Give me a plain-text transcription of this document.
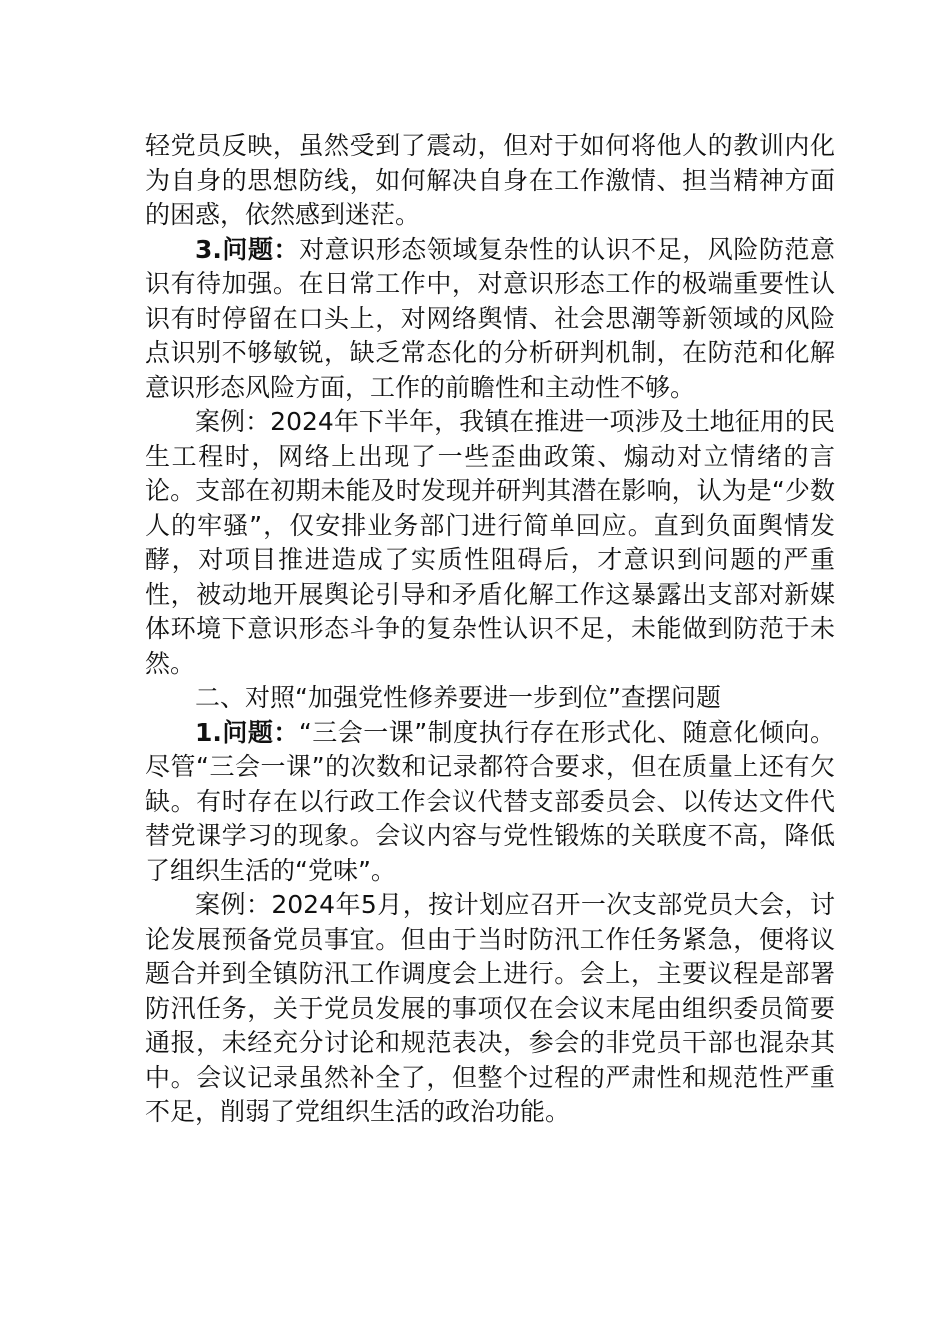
轻党员反映，虽然受到了震动，但对于如何将他人的教训内化为自身的思想防线，如何解决自身在工作激情、担当精神方面的困惑，依然感到迷茫。

3.问题：对意识形态领域复杂性的认识不足，风险防范意识有待加强。在日常工作中，对意识形态工作的极端重要性认识有时停留在口头上，对网络舆情、社会思潮等新领域的风险点识别不够敏锐，缺乏常态化的分析研判机制，在防范和化解意识形态风险方面，工作的前瞻性和主动性不够。

案例：2024年下半年，我镇在推进一项涉及土地征用的民生工程时，网络上出现了一些歪曲政策、煽动对立情绪的言论。支部在初期未能及时发现并研判其潜在影响，认为是“少数人的牢骚”，仅安排业务部门进行简单回应。直到负面舆情发酵，对项目推进造成了实质性阻碍后，才意识到问题的严重性，被动地开展舆论引导和矛盾化解工作这暴露出支部对新媒体环境下意识形态斗争的复杂性认识不足，未能做到防范于未然。

二、对照“加强党性修养要进一步到位”查摆问题

1.问题：“三会一课”制度执行存在形式化、随意化倾向。尽管“三会一课”的次数和记录都符合要求，但在质量上还有欠缺。有时存在以行政工作会议代替支部委员会、以传达文件代替党课学习的现象。会议内容与党性锻炼的关联度不高，降低了组织生活的“党味”。

案例：2024年5月，按计划应召开一次支部党员大会，讨论发展预备党员事宜。但由于当时防汛工作任务紧急，便将议题合并到全镇防汛工作调度会上进行。会上，主要议程是部署防汛任务，关于党员发展的事项仅在会议末尾由组织委员简要通报，未经充分讨论和规范表决，参会的非党员干部也混杂其中。会议记录虽然补全了，但整个过程的严肃性和规范性严重不足，削弱了党组织生活的政治功能。
